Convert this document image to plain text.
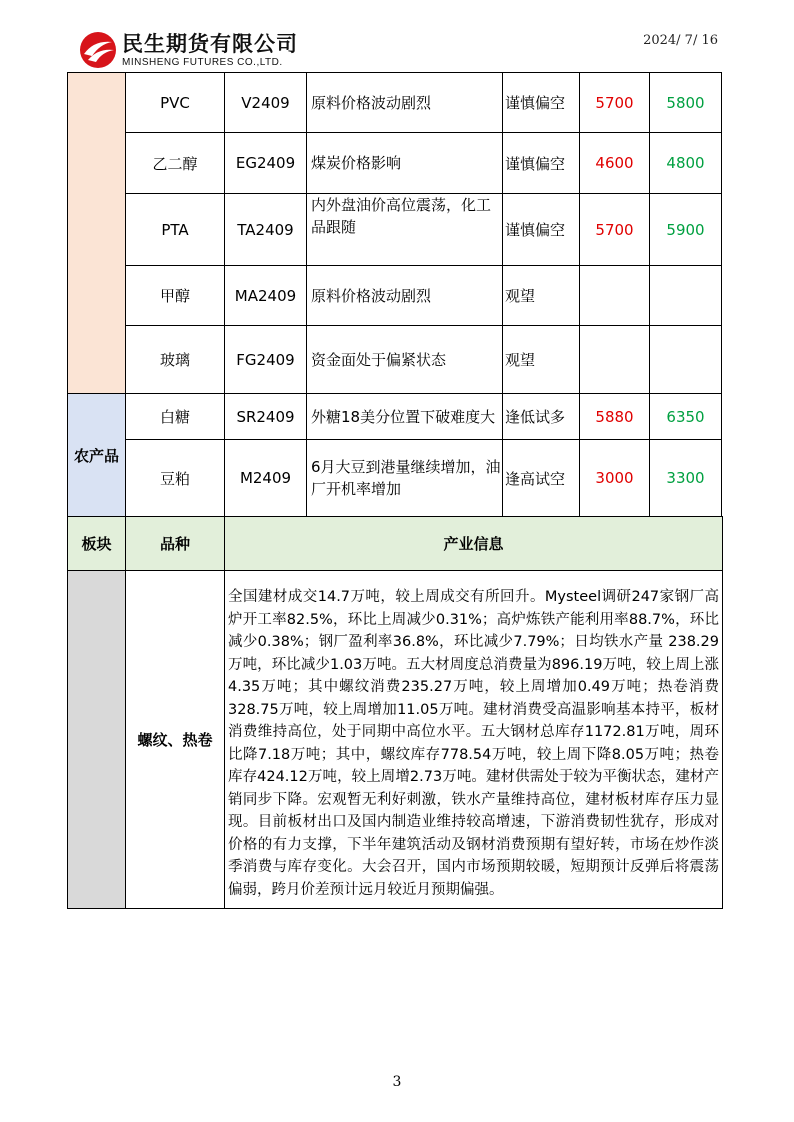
民生期货有限公司
MINSHENG FUTURES CO.,LTD.
2024/ 7/ 16
	PVC	V2409	原料价格波动剧烈	谨慎偏空	5700	5800
	乙二醇	EG2409	煤炭价格影响	谨慎偏空	4600	4800
	PTA	TA2409	内外盘油价高位震荡，化工品跟随	谨慎偏空	5700	5900
	甲醇	MA2409	原料价格波动剧烈	观望		
	玻璃	FG2409	资金面处于偏紧状态	观望		
农产品	白糖	SR2409	外糖18美分位置下破难度大	逢低试多	5880	6350
	豆粕	M2409	6月大豆到港量继续增加，油厂开机率增加	逢高试空	3000	3300
板块	品种	产业信息
	螺纹、热卷	全国建材成交14.7万吨，较上周成交有所回升。Mysteel调研247家钢厂高炉开工率82.5%，环比上周减少0.31%；高炉炼铁产能利用率88.7%，环比减少0.38%；钢厂盈利率36.8%，环比减少7.79%；日均铁水产量 238.29万吨，环比减少1.03万吨。五大材周度总消费量为896.19万吨，较上周上涨4.35万吨；其中螺纹消费235.27万吨，较上周增加0.49万吨；热卷消费328.75万吨，较上周增加11.05万吨。建材消费受高温影响基本持平，板材消费维持高位，处于同期中高位水平。五大钢材总库存1172.81万吨，周环比降7.18万吨；其中，螺纹库存778.54万吨，较上周下降8.05万吨；热卷库存424.12万吨，较上周增2.73万吨。建材供需处于较为平衡状态，建材产销同步下降。宏观暂无利好刺激，铁水产量维持高位，建材板材库存压力显现。目前板材出口及国内制造业维持较高增速，下游消费韧性犹存，形成对价格的有力支撑，下半年建筑活动及钢材消费预期有望好转，市场在炒作淡季消费与库存变化。大会召开，国内市场预期较暖，短期预计反弹后将震荡偏弱，跨月价差预计远月较近月预期偏强。
3
